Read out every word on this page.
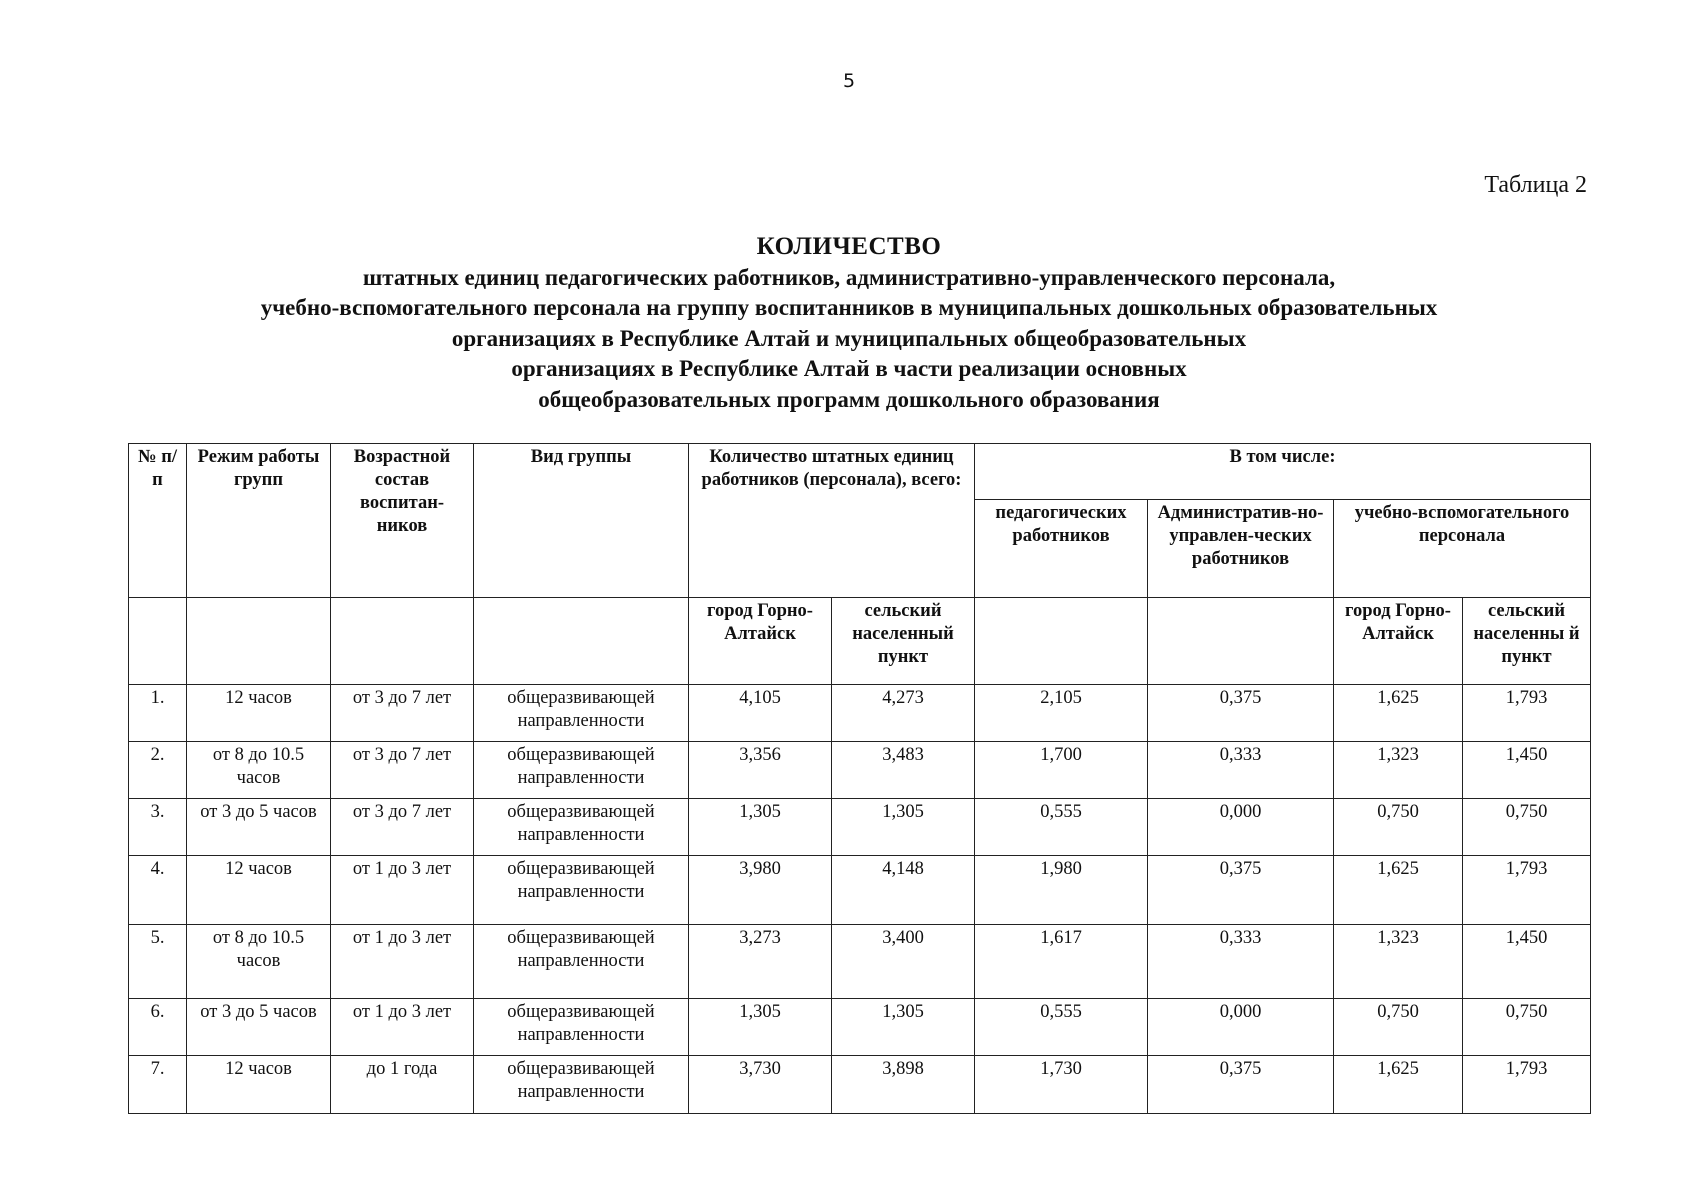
5
Таблица 2
КОЛИЧЕСТВО
штатных единиц педагогических работников, административно-управленческого персонала,
учебно-вспомогательного персонала на группу воспитанников в муниципальных дошкольных образовательных
организациях в Республике Алтай и муниципальных общеобразовательных
организациях в Республике Алтай в части реализации основных
общеобразовательных программ дошкольного образования
№ п/п	Режим работы групп	Возрастной состав воспитан-ников	Вид группы	Количество штатных единиц работников (персонала), всего:		В том числе:			
						педагогических работников	Административ-но-управлен-ческих работников	учебно-вспомогательного персонала	
				город Горно-Алтайск	сельский населенный пункт			город Горно-Алтайск	сельский населенны й пункт
1.	12 часов	от 3 до 7 лет	общеразвивающей направленности	4,105	4,273	2,105	0,375	1,625	1,793
2.	от 8 до 10.5 часов	от 3 до 7 лет	общеразвивающей направленности	3,356	3,483	1,700	0,333	1,323	1,450
3.	от 3 до 5 часов	от 3 до 7 лет	общеразвивающей направленности	1,305	1,305	0,555	0,000	0,750	0,750
4.	12 часов	от 1 до 3 лет	общеразвивающей направленности	3,980	4,148	1,980	0,375	1,625	1,793
5.	от 8 до 10.5 часов	от 1 до 3 лет	общеразвивающей направленности	3,273	3,400	1,617	0,333	1,323	1,450
6.	от 3 до 5 часов	от 1 до 3 лет	общеразвивающей направленности	1,305	1,305	0,555	0,000	0,750	0,750
7.	12 часов	до 1 года	общеразвивающей направленности	3,730	3,898	1,730	0,375	1,625	1,793
